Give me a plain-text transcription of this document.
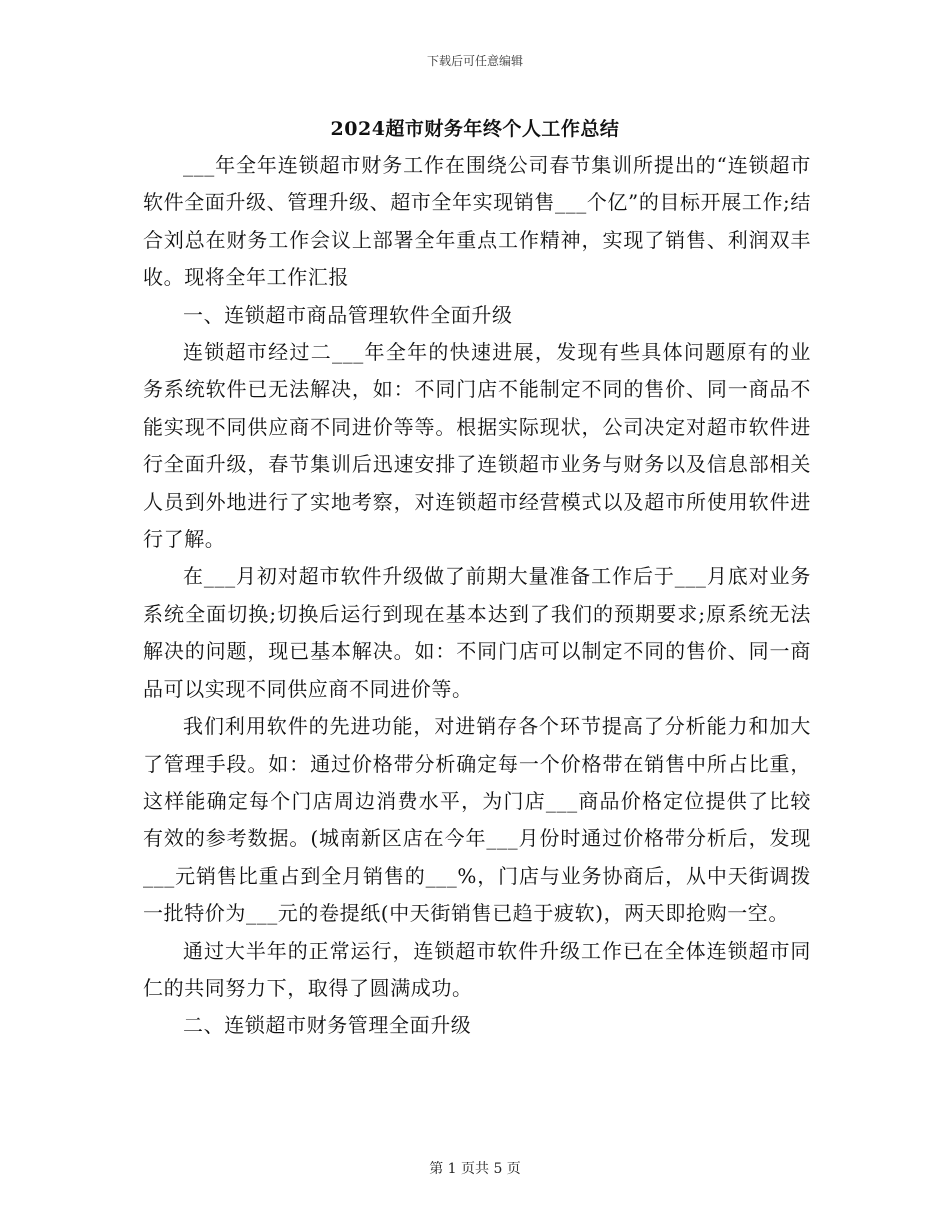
下载后可任意编辑
2024超市财务年终个人工作总结

___年全年连锁超市财务工作在围绕公司春节集训所提出的“连锁超市软件全面升级、管理升级、超市全年实现销售___个亿”的目标开展工作;结合刘总在财务工作会议上部署全年重点工作精神，实现了销售、利润双丰收。现将全年工作汇报

一、连锁超市商品管理软件全面升级

连锁超市经过二___年全年的快速进展，发现有些具体问题原有的业务系统软件已无法解决，如：不同门店不能制定不同的售价、同一商品不能实现不同供应商不同进价等等。根据实际现状，公司决定对超市软件进行全面升级，春节集训后迅速安排了连锁超市业务与财务以及信息部相关人员到外地进行了实地考察，对连锁超市经营模式以及超市所使用软件进行了解。

在___月初对超市软件升级做了前期大量准备工作后于___月底对业务系统全面切换;切换后运行到现在基本达到了我们的预期要求;原系统无法解决的问题，现已基本解决。如：不同门店可以制定不同的售价、同一商品可以实现不同供应商不同进价等。

我们利用软件的先进功能，对进销存各个环节提高了分析能力和加大了管理手段。如：通过价格带分析确定每一个价格带在销售中所占比重，这样能确定每个门店周边消费水平，为门店___商品价格定位提供了比较有效的参考数据。(城南新区店在今年___月份时通过价格带分析后，发现___元销售比重占到全月销售的___%，门店与业务协商后，从中天街调拨一批特价为___元的卷提纸(中天街销售已趋于疲软)，两天即抢购一空。

通过大半年的正常运行，连锁超市软件升级工作已在全体连锁超市同仁的共同努力下，取得了圆满成功。

二、连锁超市财务管理全面升级

第 1 页共 5 页
